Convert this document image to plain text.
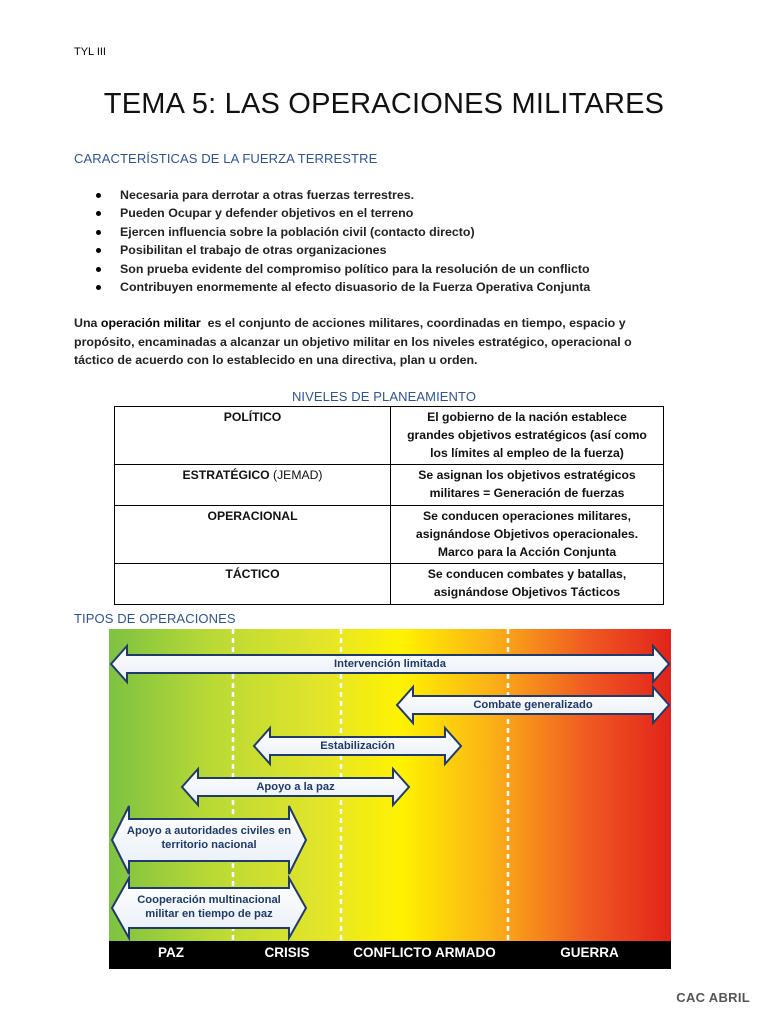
TYL III
TEMA 5: LAS OPERACIONES MILITARES
CARACTERÍSTICAS DE LA FUERZA TERRESTRE
Necesaria para derrotar a otras fuerzas terrestres.
Pueden Ocupar y defender objetivos en el terreno
Ejercen influencia sobre la población civil (contacto directo)
Posibilitan el trabajo de otras organizaciones
Son prueba evidente del compromiso político para la resolución de un conflicto
Contribuyen enormemente al efecto disuasorio de la Fuerza Operativa Conjunta
Una operación militar es el conjunto de acciones militares, coordinadas en tiempo, espacio y
propósito, encaminadas a alcanzar un objetivo militar en los niveles estratégico, operacional o
táctico de acuerdo con lo establecido en una directiva, plan u orden.
NIVELES DE PLANEAMIENTO
POLÍTICO	El gobierno de la nación establece
grandes objetivos estratégicos (así como
los límites al empleo de la fuerza)

ESTRATÉGICO (JEMAD)	Se asignan los objetivos estratégicos
militares = Generación de fuerzas

OPERACIONAL	Se conducen operaciones militares,
asignándose Objetivos operacionales.
Marco para la Acción Conjunta

TÁCTICO	Se conducen combates y batallas,
asignándose Objetivos Tácticos
TIPOS DE OPERACIONES
Intervención limitada
Combate generalizado
Estabilización
Apoyo a la paz
Apoyo a autoridades civiles en
territorio nacional
Cooperación multinacional
militar en tiempo de paz
PAZ	CRISIS	CONFLICTO ARMADO	GUERRA
CAC ABRIL
